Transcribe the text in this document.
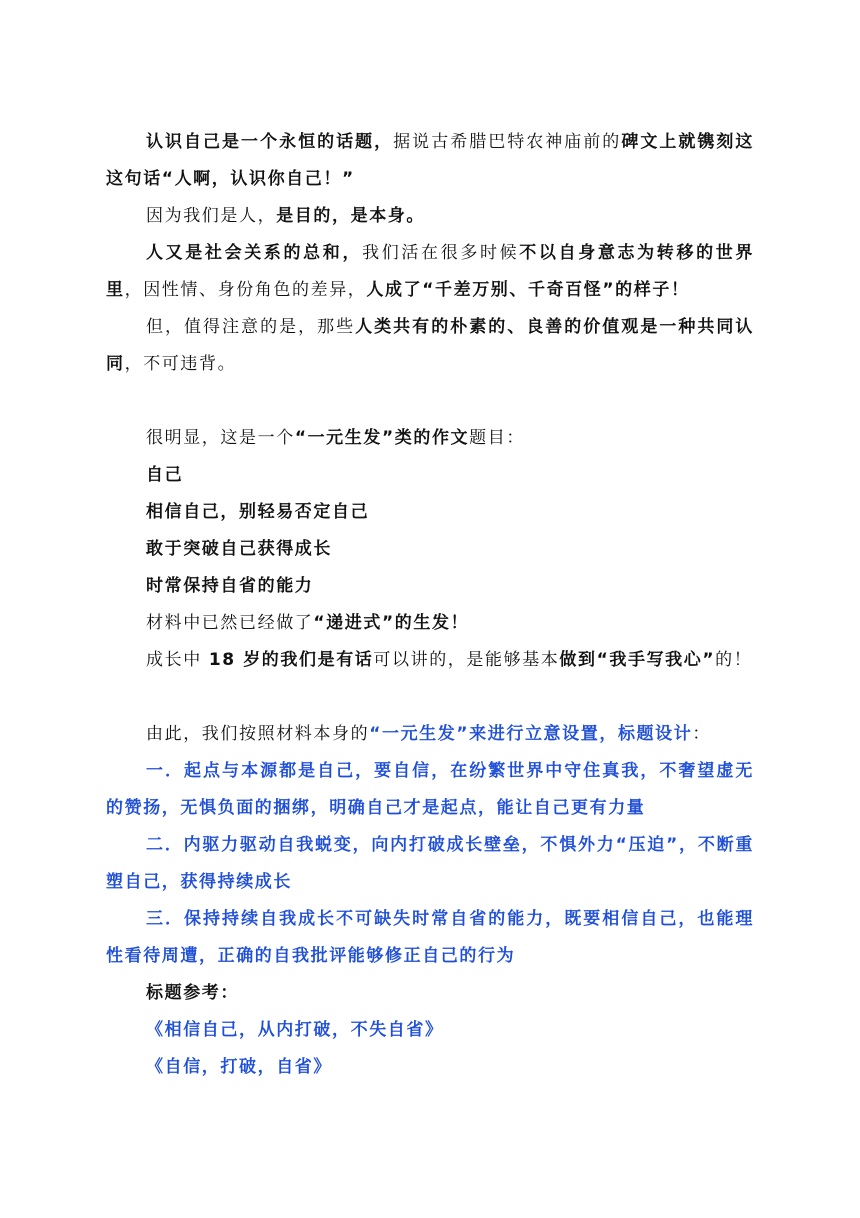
认识自己是一个永恒的话题，据说古希腊巴特农神庙前的碑文上就镌刻这这句话“人啊，认识你自己！”

因为我们是人，是目的，是本身。

人又是社会关系的总和，我们活在很多时候不以自身意志为转移的世界里，因性情、身份角色的差异，人成了“千差万别、千奇百怪”的样子！

但，值得注意的是，那些人类共有的朴素的、良善的价值观是一种共同认同，不可违背。

很明显，这是一个“一元生发”类的作文题目：

自己

相信自己，别轻易否定自己

敢于突破自己获得成长

时常保持自省的能力

材料中已然已经做了“递进式”的生发！

成长中 18 岁的我们是有话可以讲的，是能够基本做到“我手写我心”的！

由此，我们按照材料本身的“一元生发”来进行立意设置，标题设计：

一．起点与本源都是自己，要自信，在纷繁世界中守住真我，不奢望虚无的赞扬，无惧负面的捆绑，明确自己才是起点，能让自己更有力量

二．内驱力驱动自我蜕变，向内打破成长壁垒，不惧外力“压迫”，不断重塑自己，获得持续成长

三．保持持续自我成长不可缺失时常自省的能力，既要相信自己，也能理性看待周遭，正确的自我批评能够修正自己的行为

标题参考：

《相信自己，从内打破，不失自省》

《自信，打破，自省》
